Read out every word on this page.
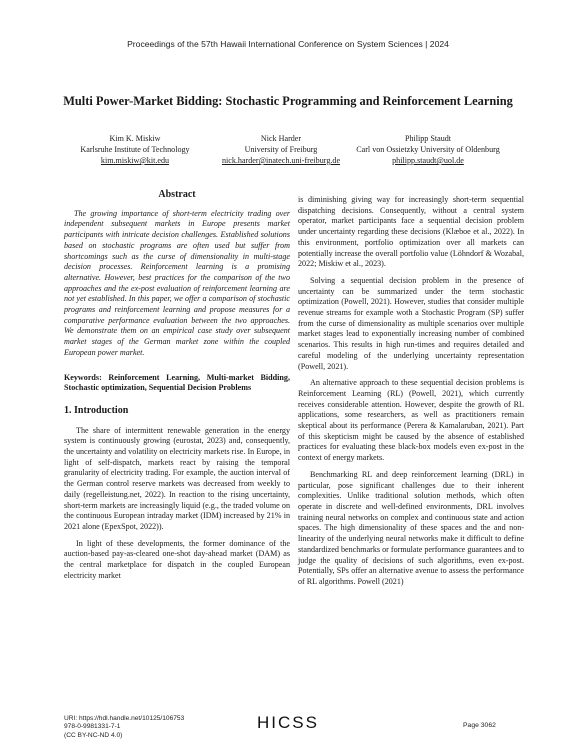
Proceedings of the 57th Hawaii International Conference on System Sciences | 2024
Multi Power-Market Bidding: Stochastic Programming and Reinforcement Learning
Kim K. Miskiw
Karlsruhe Institute of Technology
kim.miskiw@kit.edu
Nick Harder
University of Freiburg
nick.harder@inatech.uni-freiburg.de
Philipp Staudt
Carl von Ossietzky University of Oldenburg
philipp.staudt@uol.de
Abstract

The growing importance of short-term electricity trading over independent subsequent markets in Europe presents market participants with intricate decision challenges. Established solutions based on stochastic programs are often used but suffer from shortcomings such as the curse of dimensionality in multi-stage decision processes. Reinforcement learning is a promising alternative. However, best practices for the comparison of the two approaches and the ex-post evaluation of reinforcement learning are not yet established. In this paper, we offer a comparison of stochastic programs and reinforcement learning and propose measures for a comparative performance evaluation between the two approaches. We demonstrate them on an empirical case study over subsequent market stages of the German market zone within the coupled European power market.

Keywords: Reinforcement Learning, Multi-market Bidding, Stochastic optimization, Sequential Decision Problems

1. Introduction

The share of intermittent renewable generation in the energy system is continuously growing (eurostat, 2023) and, consequently, the uncertainty and volatility on electricity markets rise. In Europe, in light of self-dispatch, markets react by raising the temporal granularity of electricity trading. For example, the auction interval of the German control reserve markets was decreased from weekly to daily (regelleistung.net, 2022). In reaction to the rising uncertainty, short-term markets are increasingly liquid (e.g., the traded volume on the continuous European intraday market (IDM) increased by 21% in 2021 alone (EpexSpot, 2022)).

In light of these developments, the former dominance of the auction-based pay-as-cleared one-shot day-ahead market (DAM) as the central marketplace for dispatch in the coupled European electricity market

is diminishing giving way for increasingly short-term sequential dispatching decisions. Consequently, without a central system operator, market participants face a sequential decision problem under uncertainty regarding these decisions (Klæboe et al., 2022). In this environment, portfolio optimization over all markets can potentially increase the overall portfolio value (Löhndorf & Wozabal, 2022; Miskiw et al., 2023).

Solving a sequential decision problem in the presence of uncertainty can be summarized under the term stochastic optimization (Powell, 2021). However, studies that consider multiple revenue streams for example woth a Stochastic Program (SP) suffer from the curse of dimensionality as multiple scenarios over multiple market stages lead to exponentially increasing number of combined scenarios. This results in high run-times and requires detailed and careful modeling of the underlying uncertainty representation (Powell, 2021).

An alternative approach to these sequential decision problems is Reinforcement Learning (RL) (Powell, 2021), which currently receives considerable attention. However, despite the growth of RL applications, some researchers, as well as practitioners remain skeptical about its performance (Perera & Kamalaruban, 2021). Part of this skepticism might be caused by the absence of established practices for evaluating these black-box models even ex-post in the context of energy markets.

Benchmarking RL and deep reinforcement learning (DRL) in particular, pose significant challenges due to their inherent complexities. Unlike traditional solution methods, which often operate in discrete and well-defined environments, DRL involves training neural networks on complex and continuous state and action spaces. The high dimensionality of these spaces and the and non-linearity of the underlying neural networks make it difficult to define standardized benchmarks or formulate performance guarantees and to judge the quality of decisions of such algorithms, even ex-post. Potentially, SPs offer an alternative avenue to assess the performance of RL algorithms. Powell (2021)

URI: https://hdl.handle.net/10125/106753
978-0-9981331-7-1
(CC BY-NC-ND 4.0)
HICSS	Page 3062
